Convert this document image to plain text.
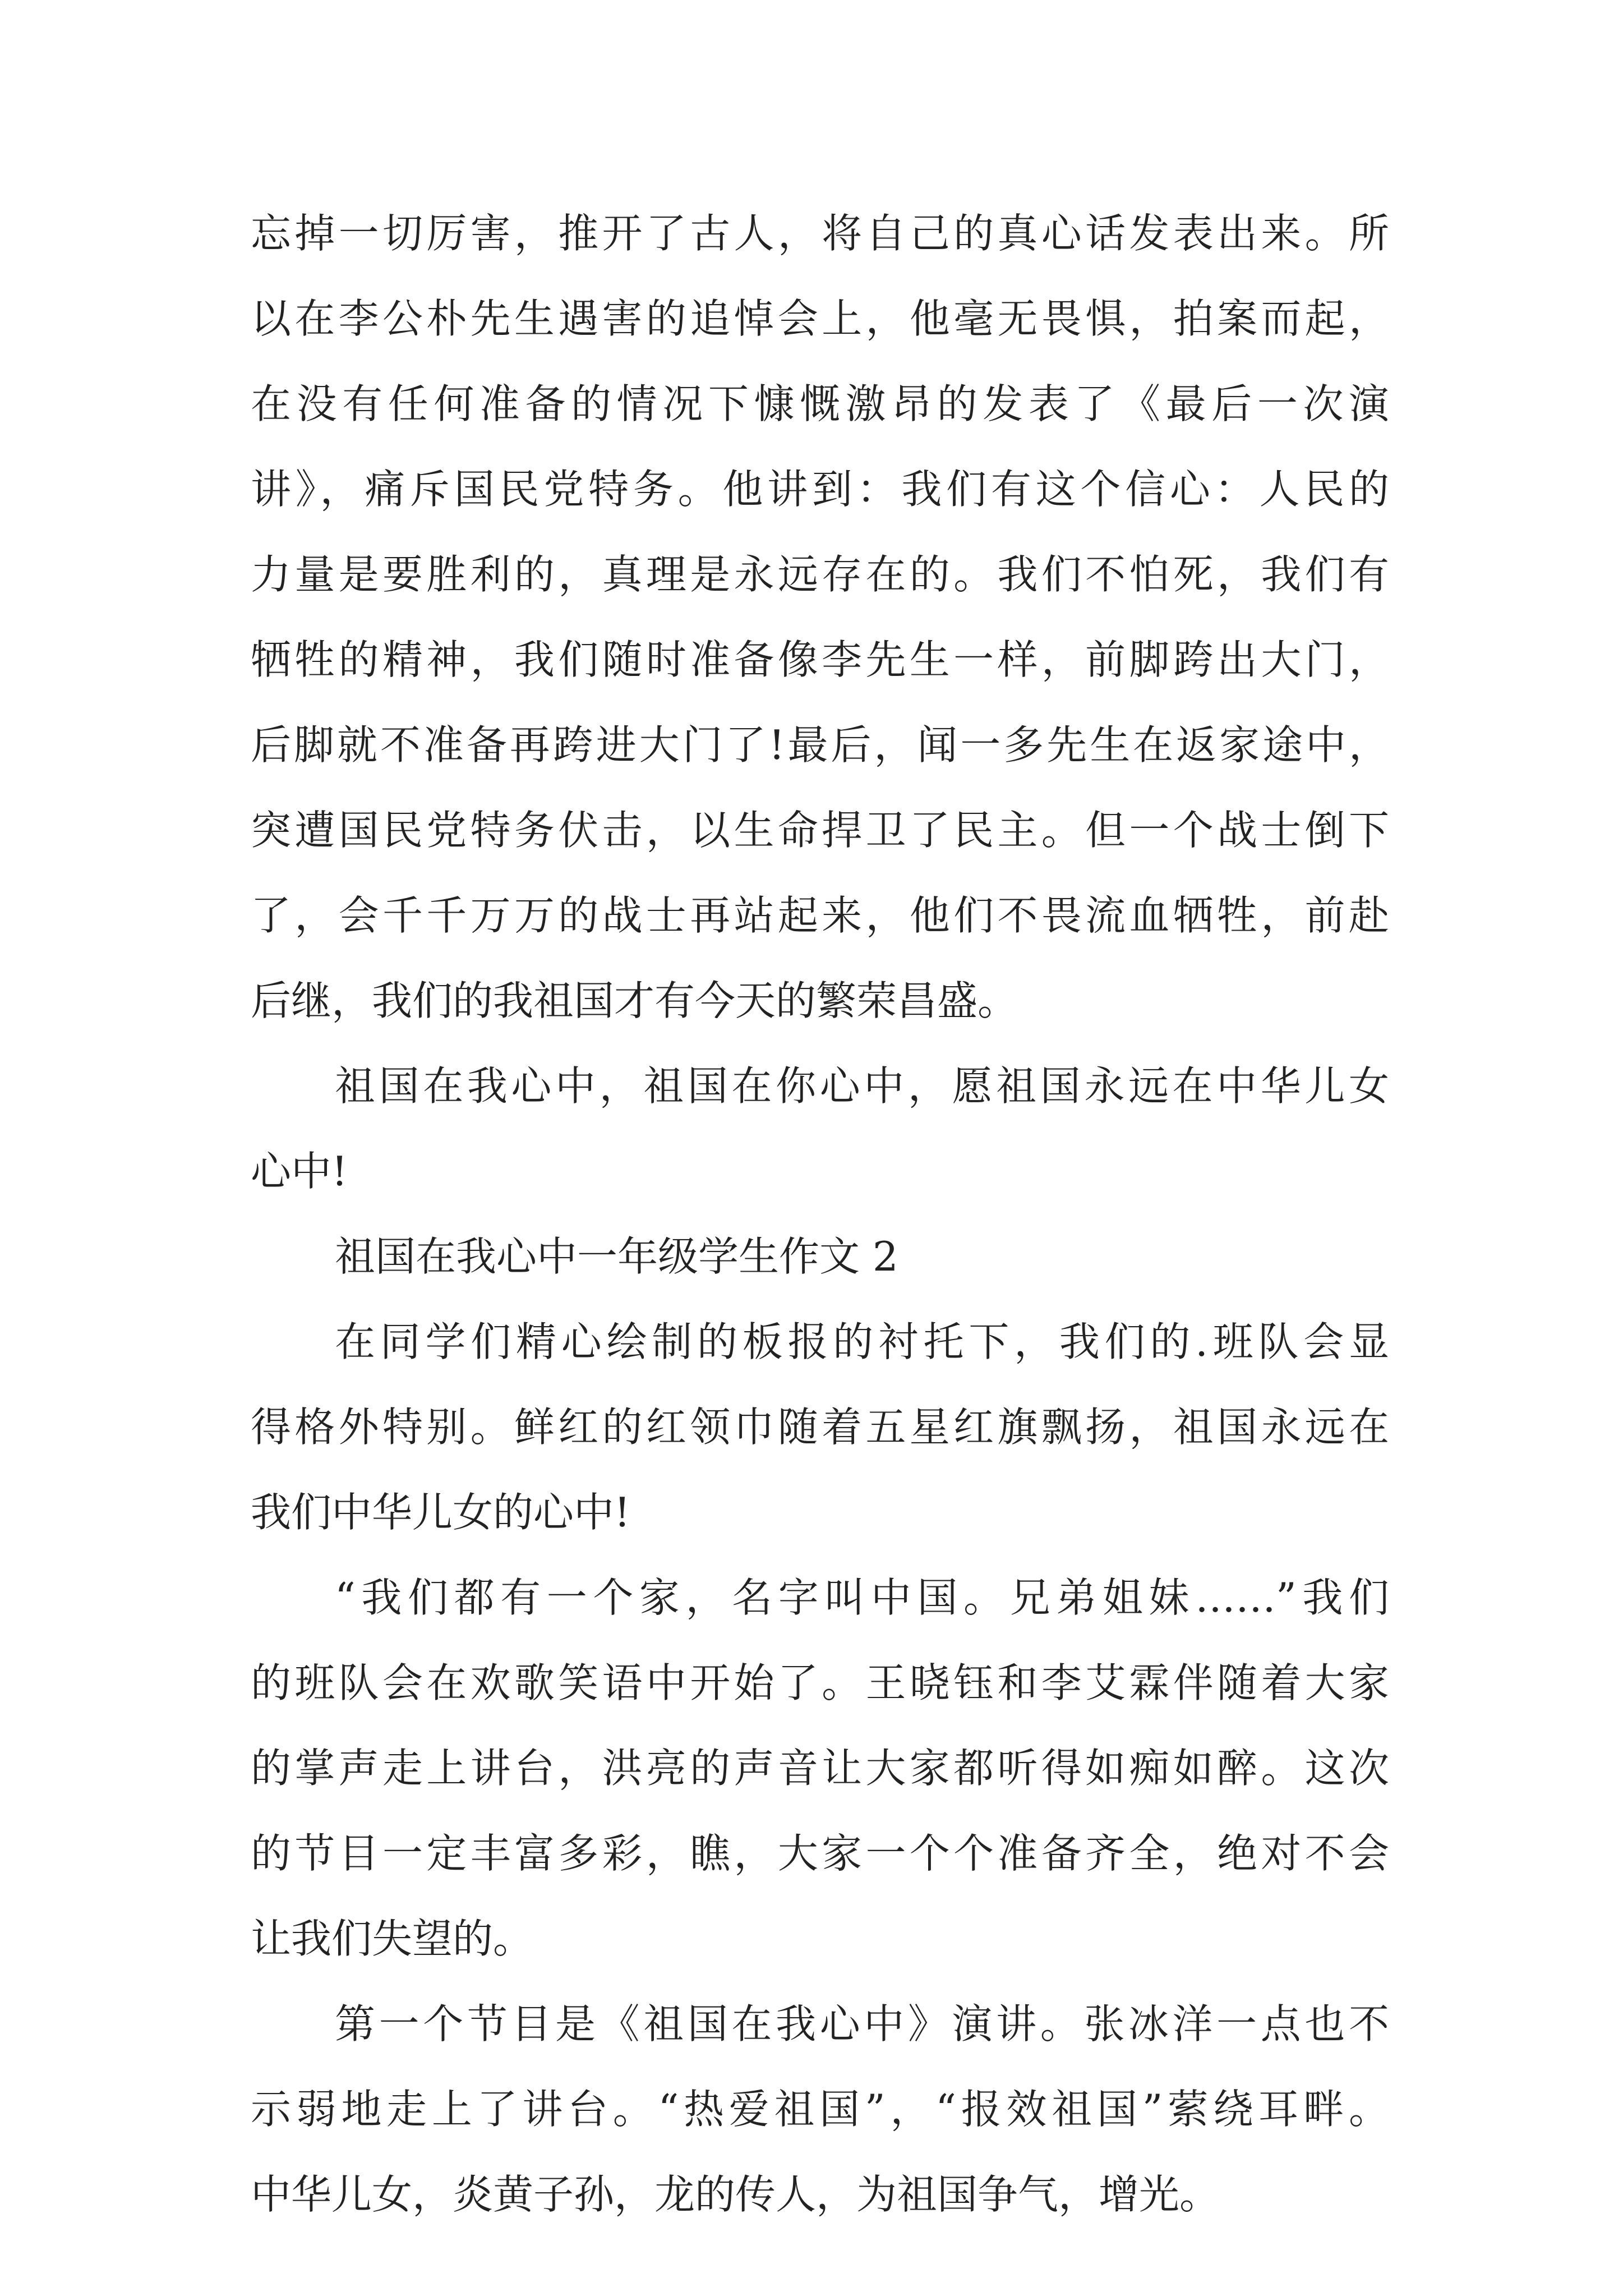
忘掉一切厉害，推开了古人，将自己的真心话发表出来。所
以在李公朴先生遇害的追悼会上，他毫无畏惧，拍案而起，
在没有任何准备的情况下慷慨激昂的发表了《最后一次演
讲》，痛斥国民党特务。他讲到：我们有这个信心：人民的
力量是要胜利的，真理是永远存在的。我们不怕死，我们有
牺牲的精神，我们随时准备像李先生一样，前脚跨出大门，
后脚就不准备再跨进大门了!最后，闻一多先生在返家途中，
突遭国民党特务伏击，以生命捍卫了民主。但一个战士倒下
了，会千千万万的战士再站起来，他们不畏流血牺牲，前赴
后继，我们的我祖国才有今天的繁荣昌盛。
祖国在我心中，祖国在你心中，愿祖国永远在中华儿女
心中!
祖国在我心中一年级学生作文 2
在同学们精心绘制的板报的衬托下，我们的.班队会显
得格外特别。鲜红的红领巾随着五星红旗飘扬，祖国永远在
我们中华儿女的心中!
“我们都有一个家，名字叫中国。兄弟姐妹……”我们
的班队会在欢歌笑语中开始了。王晓钰和李艾霖伴随着大家
的掌声走上讲台，洪亮的声音让大家都听得如痴如醉。这次
的节目一定丰富多彩，瞧，大家一个个准备齐全，绝对不会
让我们失望的。
第一个节目是《祖国在我心中》演讲。张冰洋一点也不
示弱地走上了讲台。“热爱祖国”，“报效祖国”萦绕耳畔。
中华儿女，炎黄子孙，龙的传人，为祖国争气，增光。
